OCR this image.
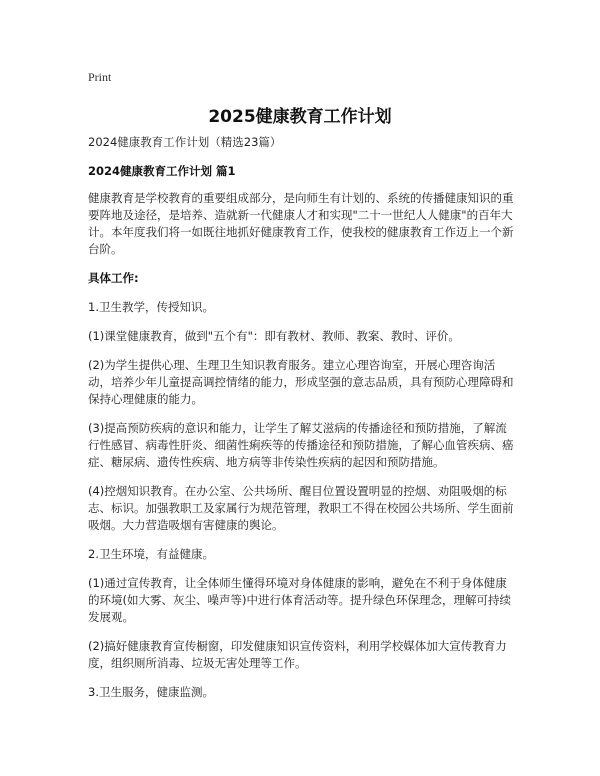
Print
2025健康教育工作计划

2024健康教育工作计划（精选23篇）

2024健康教育工作计划 篇1

健康教育是学校教育的重要组成部分，是向师生有计划的、系统的传播健康知识的重要阵地及途径，是培养、造就新一代健康人才和实现"二十一世纪人人健康"的百年大计。本年度我们将一如既往地抓好健康教育工作，使我校的健康教育工作迈上一个新台阶。

具体工作:

1.卫生教学，传授知识。

(1)课堂健康教育，做到"五个有"：即有教材、教师、教案、教时、评价。

(2)为学生提供心理、生理卫生知识教育服务。建立心理咨询室，开展心理咨询活动，培养少年儿童提高调控情绪的能力，形成坚强的意志品质，具有预防心理障碍和保持心理健康的能力。

(3)提高预防疾病的意识和能力，让学生了解艾滋病的传播途径和预防措施，了解流行性感冒、病毒性肝炎、细菌性痢疾等的传播途径和预防措施，了解心血管疾病、癌症、糖尿病、遗传性疾病、地方病等非传染性疾病的起因和预防措施。

(4)控烟知识教育。在办公室、公共场所、醒目位置设置明显的控烟、劝阻吸烟的标志、标识。加强教职工及家属行为规范管理，教职工不得在校园公共场所、学生面前吸烟。大力营造吸烟有害健康的舆论。

2.卫生环境，有益健康。

(1)通过宣传教育，让全体师生懂得环境对身体健康的影响，避免在不利于身体健康的环境(如大雾、灰尘、噪声等)中进行体育活动等。提升绿色环保理念，理解可持续发展观。

(2)搞好健康教育宣传橱窗，印发健康知识宣传资料，利用学校媒体加大宣传教育力度，组织厕所消毒、垃圾无害处理等工作。

3.卫生服务，健康监测。
